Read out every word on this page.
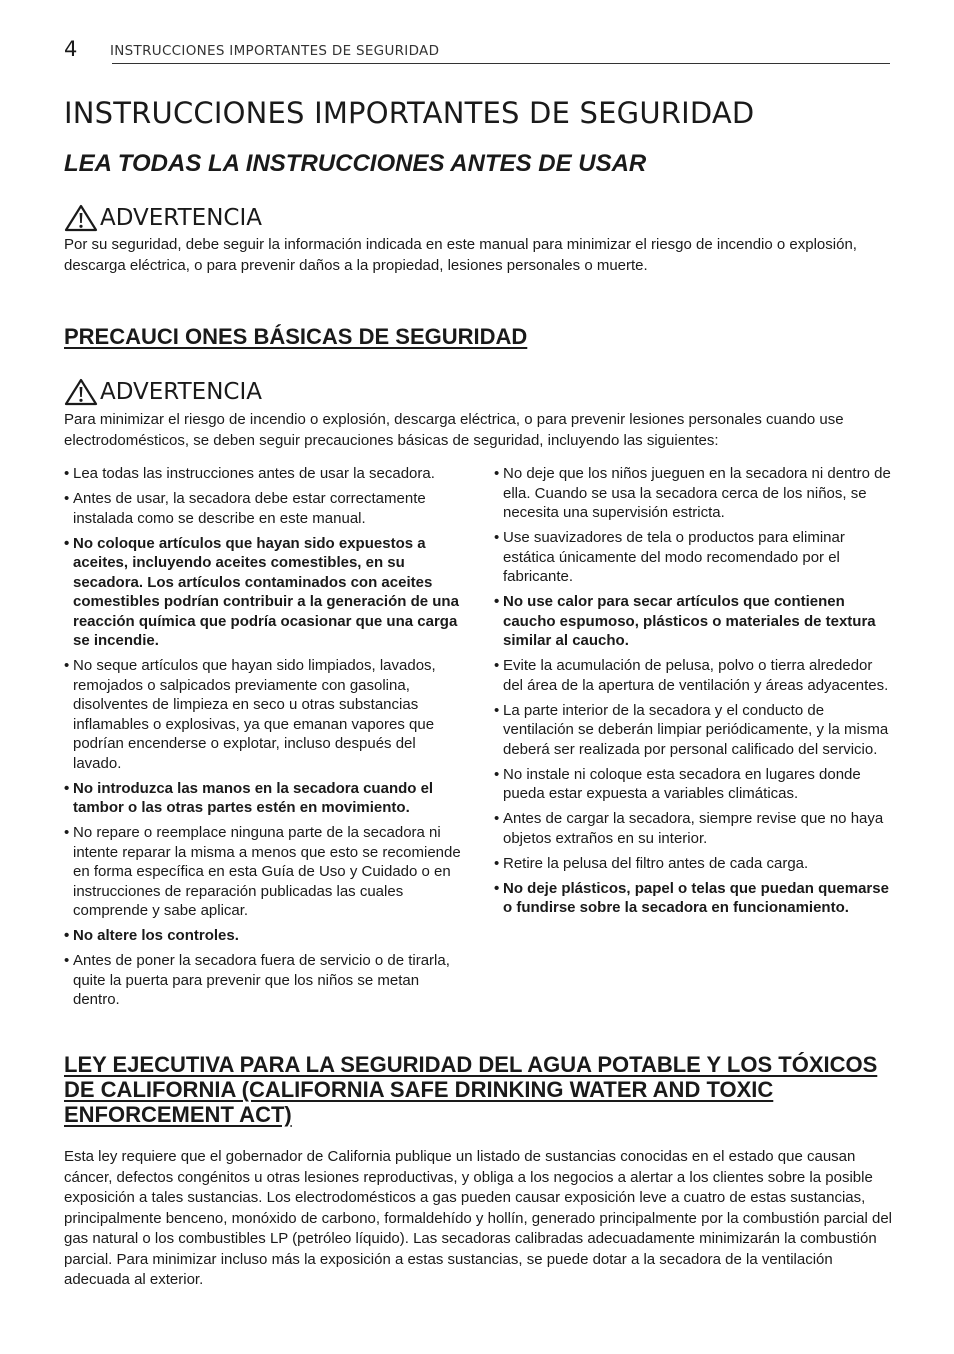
4 INSTRUCCIONES IMPORTANTES DE SEGURIDAD
INSTRUCCIONES IMPORTANTES DE SEGURIDAD
LEA TODAS LA INSTRUCCIONES ANTES DE USAR
ADVERTENCIA
Por su seguridad, debe seguir la información indicada en este manual para minimizar el riesgo de incendio o explosión, descarga eléctrica, o para prevenir daños a la propiedad, lesiones personales o muerte.
PRECAUCI ONES BÁSICAS DE SEGURIDAD
ADVERTENCIA
Para minimizar el riesgo de incendio o explosión, descarga eléctrica, o para prevenir lesiones personales cuando use electrodomésticos, se deben seguir precauciones básicas de seguridad, incluyendo las siguientes:
• Lea todas las instrucciones antes de usar la secadora.
• Antes de usar, la secadora debe estar correctamente instalada como se describe en este manual.
• No coloque artículos que hayan sido expuestos a aceites, incluyendo aceites comestibles, en su secadora. Los artículos contaminados con aceites comestibles podrían contribuir a la generación de una reacción química que podría ocasionar que una carga se incendie.
• No seque artículos que hayan sido limpiados, lavados, remojados o salpicados previamente con gasolina, disolventes de limpieza en seco u otras substancias inflamables o explosivas, ya que emanan vapores que podrían encenderse o explotar, incluso después del lavado.
• No introduzca las manos en la secadora cuando el tambor o las otras partes estén en movimiento.
• No repare o reemplace ninguna parte de la secadora ni intente reparar la misma a menos que esto se recomiende en forma específica en esta Guía de Uso y Cuidado o en instrucciones de reparación publicadas las cuales comprende y sabe aplicar.
• No altere los controles.
• Antes de poner la secadora fuera de servicio o de tirarla, quite la puerta para prevenir que los niños se metan dentro.
• No deje que los niños jueguen en la secadora ni dentro de ella. Cuando se usa la secadora cerca de los niños, se necesita una supervisión estricta.
• Use suavizadores de tela o productos para eliminar estática únicamente del modo recomendado por el fabricante.
• No use calor para secar artículos que contienen caucho espumoso, plásticos o materiales de textura similar al caucho.
• Evite la acumulación de pelusa, polvo o tierra alrededor del área de la apertura de ventilación y áreas adyacentes.
• La parte interior de la secadora y el conducto de ventilación se deberán limpiar periódicamente, y la misma deberá ser realizada por personal calificado del servicio.
• No instale ni coloque esta secadora en lugares donde pueda estar expuesta a variables climáticas.
• Antes de cargar la secadora, siempre revise que no haya objetos extraños en su interior.
• Retire la pelusa del filtro antes de cada carga.
• No deje plásticos, papel o telas que puedan quemarse o fundirse sobre la secadora en funcionamiento.
LEY EJECUTIVA PARA LA SEGURIDAD DEL AGUA POTABLE Y LOS TÓXICOS DE CALIFORNIA (CALIFORNIA SAFE DRINKING WATER AND TOXIC ENFORCEMENT ACT)
Esta ley requiere que el gobernador de California publique un listado de sustancias conocidas en el estado que causan cáncer, defectos congénitos u otras lesiones reproductivas, y obliga a los negocios a alertar a los clientes sobre la posible exposición a tales sustancias. Los electrodomésticos a gas pueden causar exposición leve a cuatro de estas sustancias, principalmente benceno, monóxido de carbono, formaldehído y hollín, generado principalmente por la combustión parcial del gas natural o los combustibles LP (petróleo líquido). Las secadoras calibradas adecuadamente minimizarán la combustión parcial. Para minimizar incluso más la exposición a estas sustancias, se puede dotar a la secadora de la ventilación adecuada al exterior.
